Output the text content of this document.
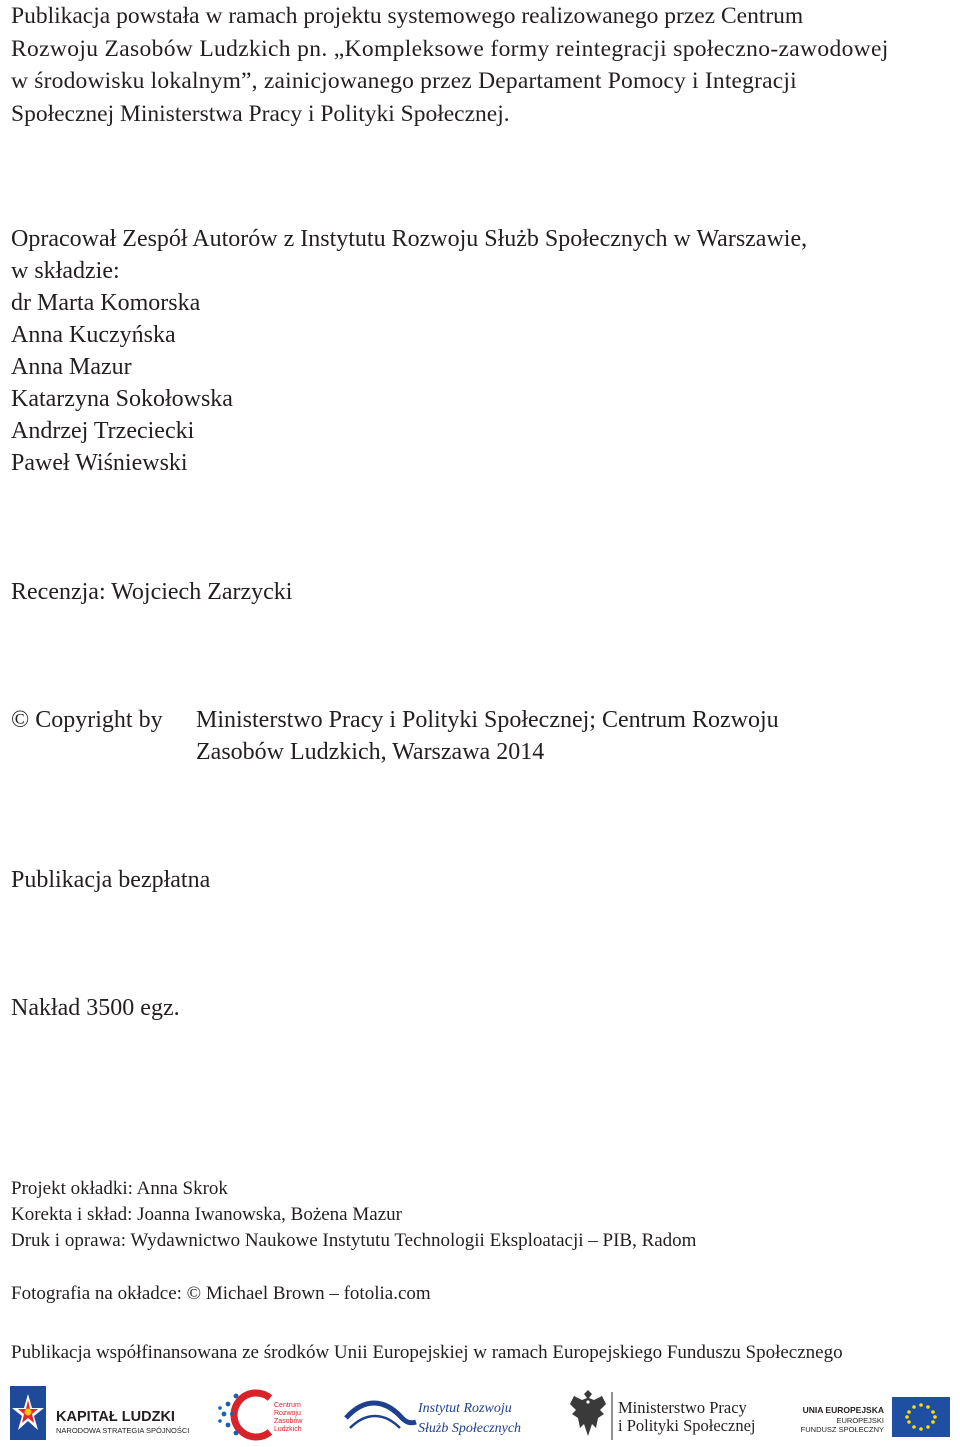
Publikacja powstała w ramach projektu systemowego realizowanego przez Centrum
Rozwoju Zasobów Ludzkich pn. „Kompleksowe formy reintegracji społeczno-zawodowej
w środowisku lokalnym”, zainicjowanego przez Departament Pomocy i Integracji
Społecznej Ministerstwa Pracy i Polityki Społecznej.
Opracował Zespół Autorów z Instytutu Rozwoju Służb Społecznych w Warszawie,
w składzie:
dr Marta Komorska
Anna Kuczyńska
Anna Mazur
Katarzyna Sokołowska
Andrzej Trzeciecki
Paweł Wiśniewski
Recenzja: Wojciech Zarzycki
© Copyright by Ministerstwo Pracy i Polityki Społecznej; Centrum Rozwoju
Zasobów Ludzkich, Warszawa 2014
Publikacja bezpłatna
Nakład 3500 egz.
Projekt okładki: Anna Skrok
Korekta i skład: Joanna Iwanowska, Bożena Mazur
Druk i oprawa: Wydawnictwo Naukowe Instytutu Technologii Eksploatacji – PIB, Radom
Fotografia na okładce: © Michael Brown – fotolia.com
Publikacja współfinansowana ze środków Unii Europejskiej w ramach Europejskiego Funduszu Społecznego
KAPITAŁ LUDZKI
NARODOWA STRATEGIA SPÓJNOŚCI
Centrum
Rozwoju
Zasobów
Ludzkich
Instytut Rozwoju
Służb Społecznych
Ministerstwo Pracy
i Polityki Społecznej
UNIA EUROPEJSKA
EUROPEJSKI
FUNDUSZ SPOŁECZNY
